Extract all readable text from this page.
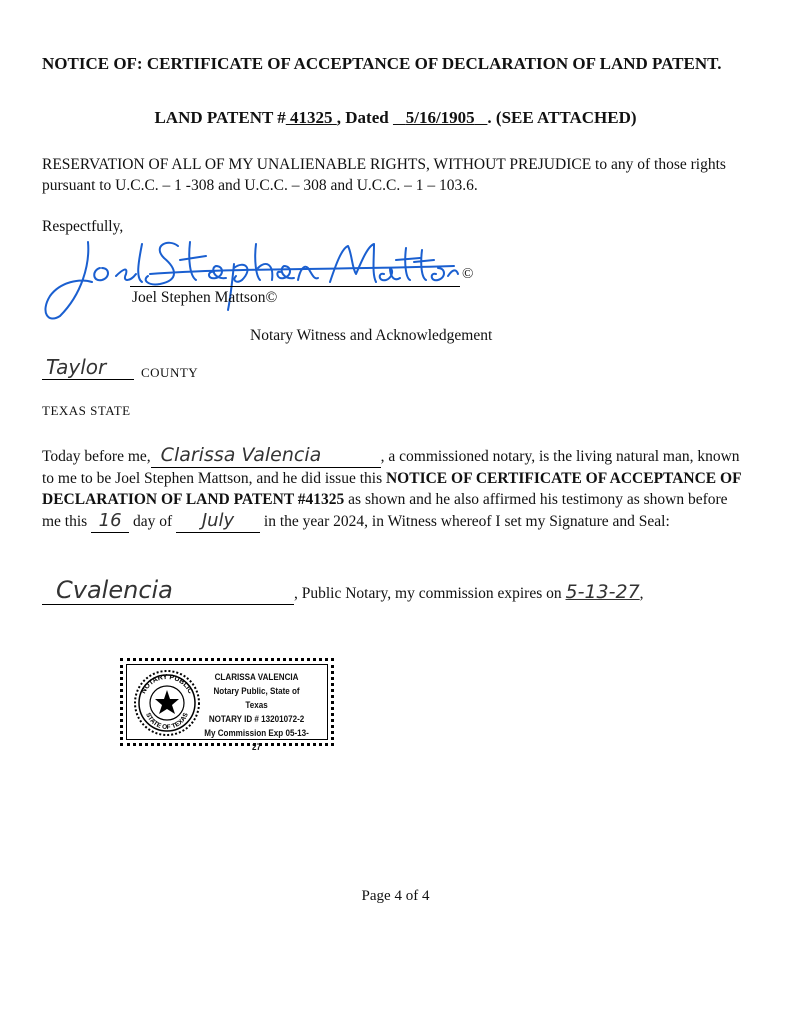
NOTICE OF: CERTIFICATE OF ACCEPTANCE OF DECLARATION OF LAND PATENT.
LAND PATENT # 41325 , Dated 5/16/1905 . (SEE ATTACHED)
RESERVATION OF ALL OF MY UNALIENABLE RIGHTS, WITHOUT PREJUDICE to any of those rights pursuant to U.C.C. – 1 -308 and U.C.C. – 308 and U.C.C. – 1 – 103.6.
Respectfully,
©
Joel Stephen Mattson©
Notary Witness and Acknowledgement
Taylor	COUNTY
TEXAS STATE
Today before me, Clarissa Valencia	, a commissioned notary, is the living natural man, known to me to be Joel Stephen Mattson, and he did issue this NOTICE OF CERTIFICATE OF ACCEPTANCE OF DECLARATION OF LAND PATENT #41325 as shown and he also affirmed his testimony as shown before me this 16 day of July in the year 2024, in Witness whereof I set my Signature and Seal:
Cvalencia	, Public Notary, my commission expires on 5-13-27,
NOTARY PUBLIC
STATE OF TEXAS
CLARISSA VALENCIA
Notary Public, State of Texas
NOTARY ID # 13201072-2
My Commission Exp 05-13-27
Page 4 of 4
